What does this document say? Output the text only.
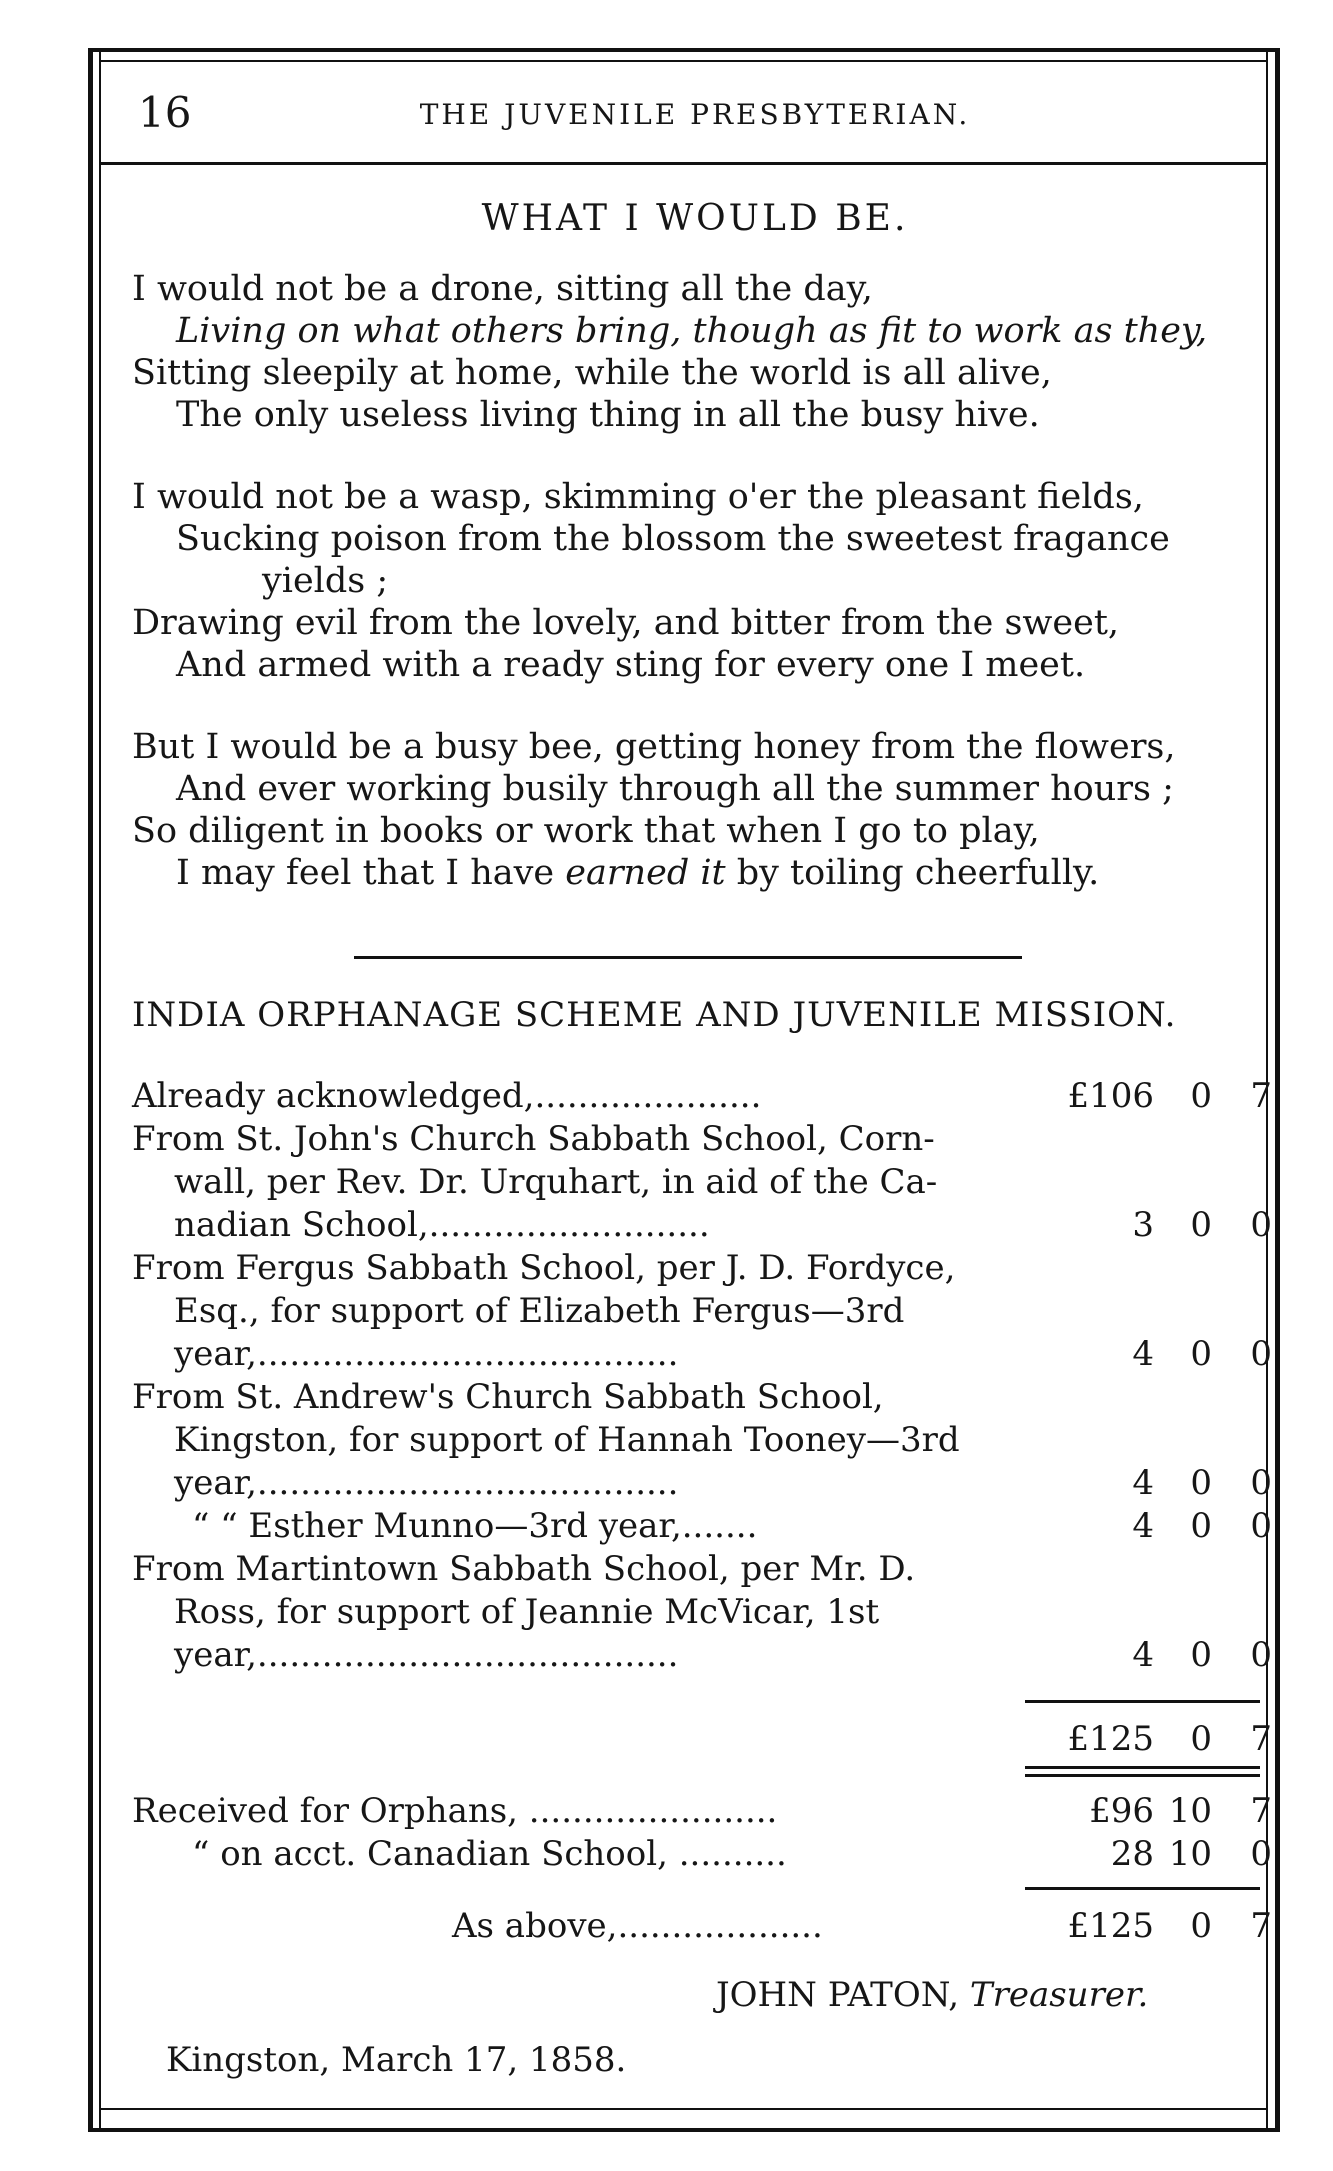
16	THE JUVENILE PRESBYTERIAN.
WHAT I WOULD BE.
I would not be a drone, sitting all the day,
Living on what others bring, though as fit to work as they,
Sitting sleepily at home, while the world is all alive,
The only useless living thing in all the busy hive.
I would not be a wasp, skimming o'er the pleasant fields,
Sucking poison from the blossom the sweetest fragance
yields ;
Drawing evil from the lovely, and bitter from the sweet,
And armed with a ready sting for every one I meet.
But I would be a busy bee, getting honey from the flowers,
And ever working busily through all the summer hours ;
So diligent in books or work that when I go to play,
I may feel that I have earned it by toiling cheerfully.
INDIA ORPHANAGE SCHEME AND JUVENILE MISSION.
Already acknowledged,.....................	£106 0 7
From St. John's Church Sabbath School, Corn-
wall, per Rev. Dr. Urquhart, in aid of the Ca-
nadian School,..........................	3 0 0
From Fergus Sabbath School, per J. D. Fordyce,
Esq., for support of Elizabeth Fergus—3rd
year,.......................................	4 0 0
From St. Andrew's Church Sabbath School,
Kingston, for support of Hannah Tooney—3rd
year,.......................................	4 0 0
“ “ Esther Munno—3rd year,.......	4 0 0
From Martintown Sabbath School, per Mr. D.
Ross, for support of Jeannie McVicar, 1st
year,.......................................	4 0 0
£125 0 7
Received for Orphans, .......................	£96 10 7
“ on acct. Canadian School, ..........	28 10 0
As above,...................	£125 0 7
JOHN PATON, Treasurer.
Kingston, March 17, 1858.
